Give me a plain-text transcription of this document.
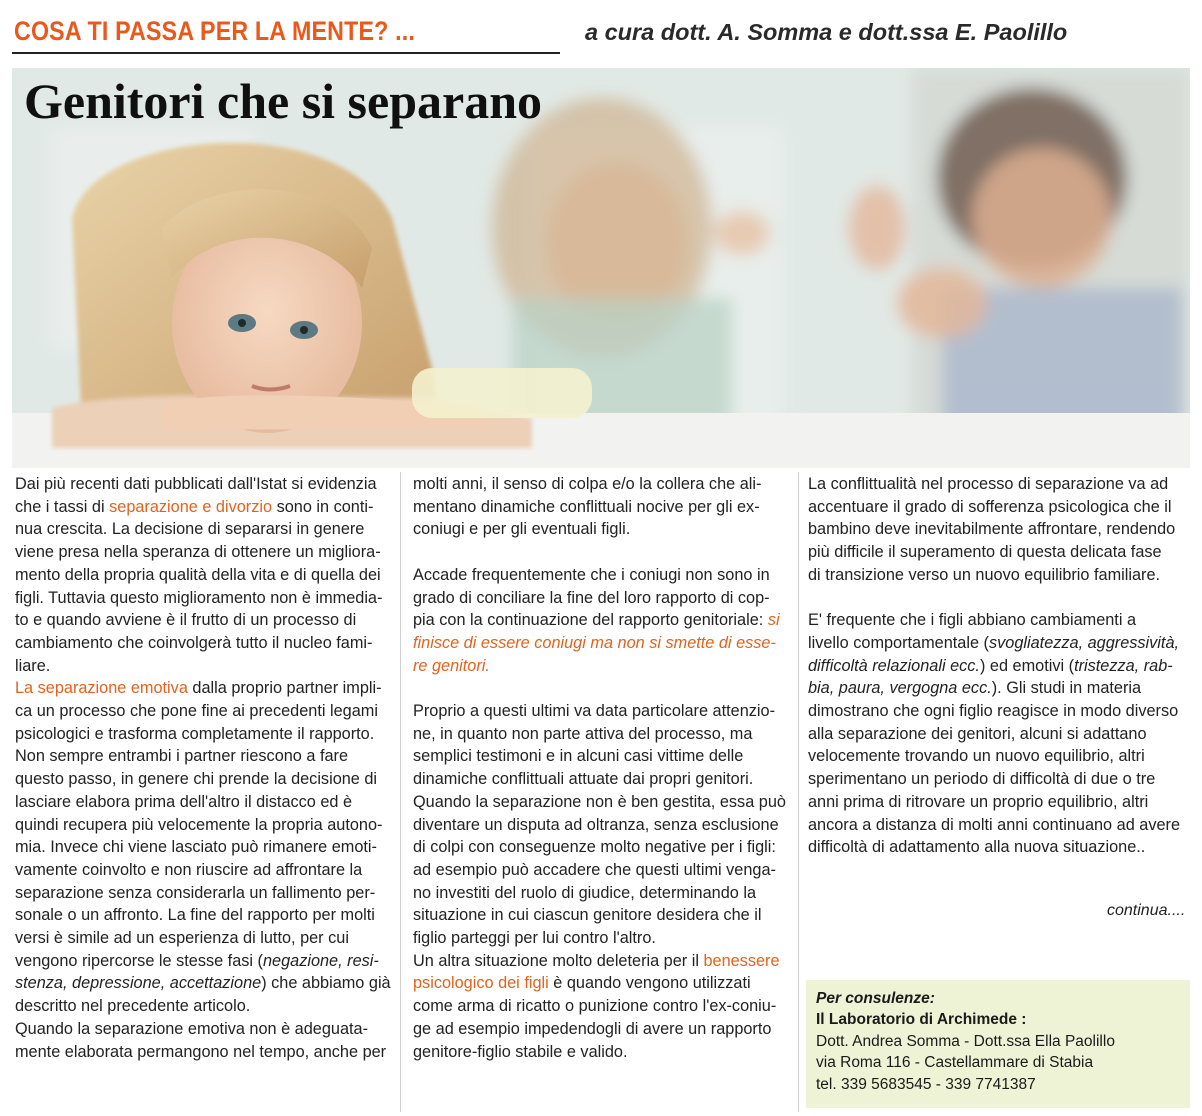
COSA TI PASSA PER LA MENTE? ...	a cura dott. A. Somma e dott.ssa E. Paolillo
Genitori che si separano

Dai più recenti dati pubblicati dall'Istat si evidenzia
che i tassi di separazione e divorzio sono in conti-
nua crescita. La decisione di separarsi in genere
viene presa nella speranza di ottenere un migliora-
mento della propria qualità della vita e di quella dei
figli. Tuttavia questo miglioramento non è immedia-
to e quando avviene è il frutto di un processo di
cambiamento che coinvolgerà tutto il nucleo fami-
liare.

La separazione emotiva dalla proprio partner impli-
ca un processo che pone fine ai precedenti legami
psicologici e trasforma completamente il rapporto.
Non sempre entrambi i partner riescono a fare
questo passo, in genere chi prende la decisione di
lasciare elabora prima dell'altro il distacco ed è
quindi recupera più velocemente la propria autono-
mia. Invece chi viene lasciato può rimanere emoti-
vamente coinvolto e non riuscire ad affrontare la
separazione senza considerarla un fallimento per-
sonale o un affronto. La fine del rapporto per molti
versi è simile ad un esperienza di lutto, per cui
vengono ripercorse le stesse fasi (negazione, resi-
stenza, depressione, accettazione) che abbiamo già
descritto nel precedente articolo.

Quando la separazione emotiva non è adeguata-
mente elaborata permangono nel tempo, anche per

molti anni, il senso di colpa e/o la collera che ali-
mentano dinamiche conflittuali nocive per gli ex-
coniugi e per gli eventuali figli.

Accade frequentemente che i coniugi non sono in
grado di conciliare la fine del loro rapporto di cop-
pia con la continuazione del rapporto genitoriale: si
finisce di essere coniugi ma non si smette di esse-
re genitori.

Proprio a questi ultimi va data particolare attenzio-
ne, in quanto non parte attiva del processo, ma
semplici testimoni e in alcuni casi vittime delle
dinamiche conflittuali attuate dai propri genitori.
Quando la separazione non è ben gestita, essa può
diventare un disputa ad oltranza, senza esclusione
di colpi con conseguenze molto negative per i figli:
ad esempio può accadere che questi ultimi venga-
no investiti del ruolo di giudice, determinando la
situazione in cui ciascun genitore desidera che il
figlio parteggi per lui contro l'altro.

Un altra situazione molto deleteria per il benessere
psicologico dei figli è quando vengono utilizzati
come arma di ricatto o punizione contro l'ex-coniu-
ge ad esempio impedendogli di avere un rapporto
genitore-figlio stabile e valido.

La conflittualità nel processo di separazione va ad
accentuare il grado di sofferenza psicologica che il
bambino deve inevitabilmente affrontare, rendendo
più difficile il superamento di questa delicata fase
di transizione verso un nuovo equilibrio familiare.

E' frequente che i figli abbiano cambiamenti a
livello comportamentale (svogliatezza, aggressività,
difficoltà relazionali ecc.) ed emotivi (tristezza, rab-
bia, paura, vergogna ecc.). Gli studi in materia
dimostrano che ogni figlio reagisce in modo diverso
alla separazione dei genitori, alcuni si adattano
velocemente trovando un nuovo equilibrio, altri
sperimentano un periodo di difficoltà di due o tre
anni prima di ritrovare un proprio equilibrio, altri
ancora a distanza di molti anni continuano ad avere
difficoltà di adattamento alla nuova situazione..

continua....
Per consulenze:
Il Laboratorio di Archimede :
Dott. Andrea Somma - Dott.ssa Ella Paolillo
via Roma 116 - Castellammare di Stabia
tel. 339 5683545 - 339 7741387
